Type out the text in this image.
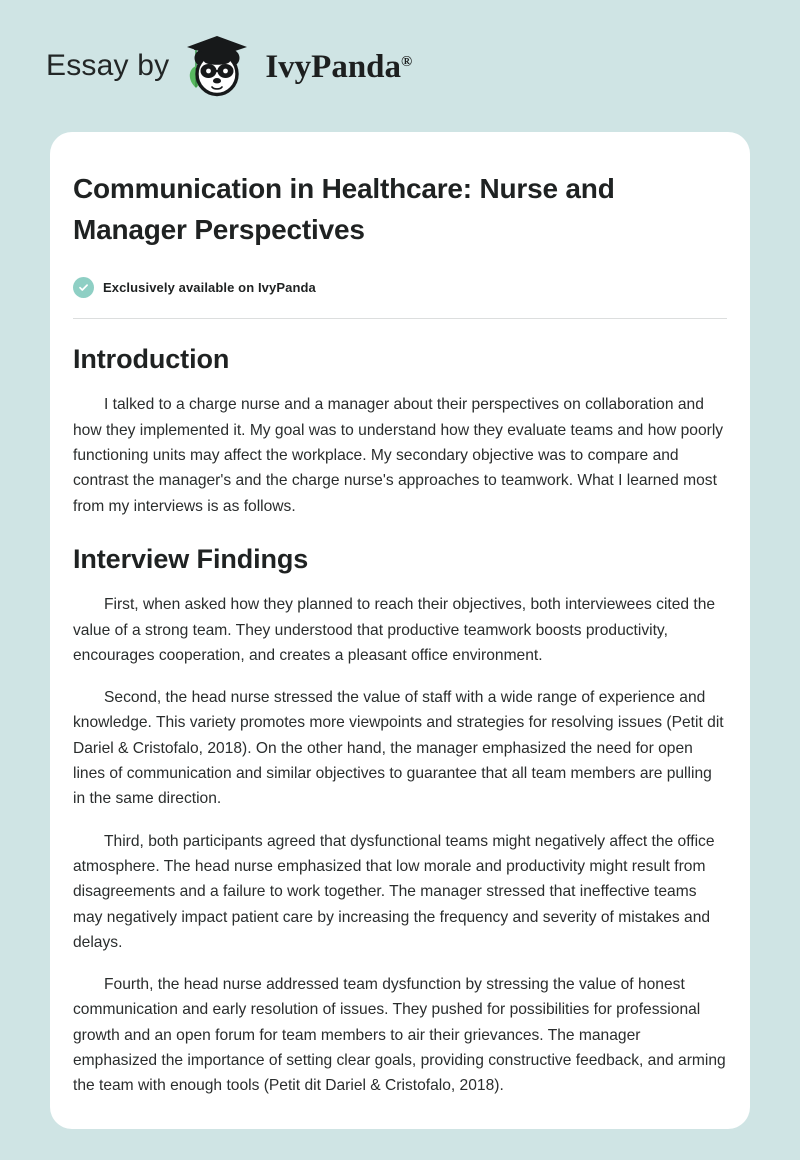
Essay by	IvyPanda®
Communication in Healthcare: Nurse and Manager Perspectives
Exclusively available on IvyPanda
Introduction

I talked to a charge nurse and a manager about their perspectives on collaboration and how they implemented it. My goal was to understand how they evaluate teams and how poorly functioning units may affect the workplace. My secondary objective was to compare and contrast the manager's and the charge nurse's approaches to teamwork. What I learned most from my interviews is as follows.

Interview Findings

First, when asked how they planned to reach their objectives, both interviewees cited the value of a strong team. They understood that productive teamwork boosts productivity, encourages cooperation, and creates a pleasant office environment.

Second, the head nurse stressed the value of staff with a wide range of experience and knowledge. This variety promotes more viewpoints and strategies for resolving issues (Petit dit Dariel & Cristofalo, 2018). On the other hand, the manager emphasized the need for open lines of communication and similar objectives to guarantee that all team members are pulling in the same direction.

Third, both participants agreed that dysfunctional teams might negatively affect the office atmosphere. The head nurse emphasized that low morale and productivity might result from disagreements and a failure to work together. The manager stressed that ineffective teams may negatively impact patient care by increasing the frequency and severity of mistakes and delays.

Fourth, the head nurse addressed team dysfunction by stressing the value of honest communication and early resolution of issues. They pushed for possibilities for professional growth and an open forum for team members to air their grievances. The manager emphasized the importance of setting clear goals, providing constructive feedback, and arming the team with enough tools (Petit dit Dariel & Cristofalo, 2018).
